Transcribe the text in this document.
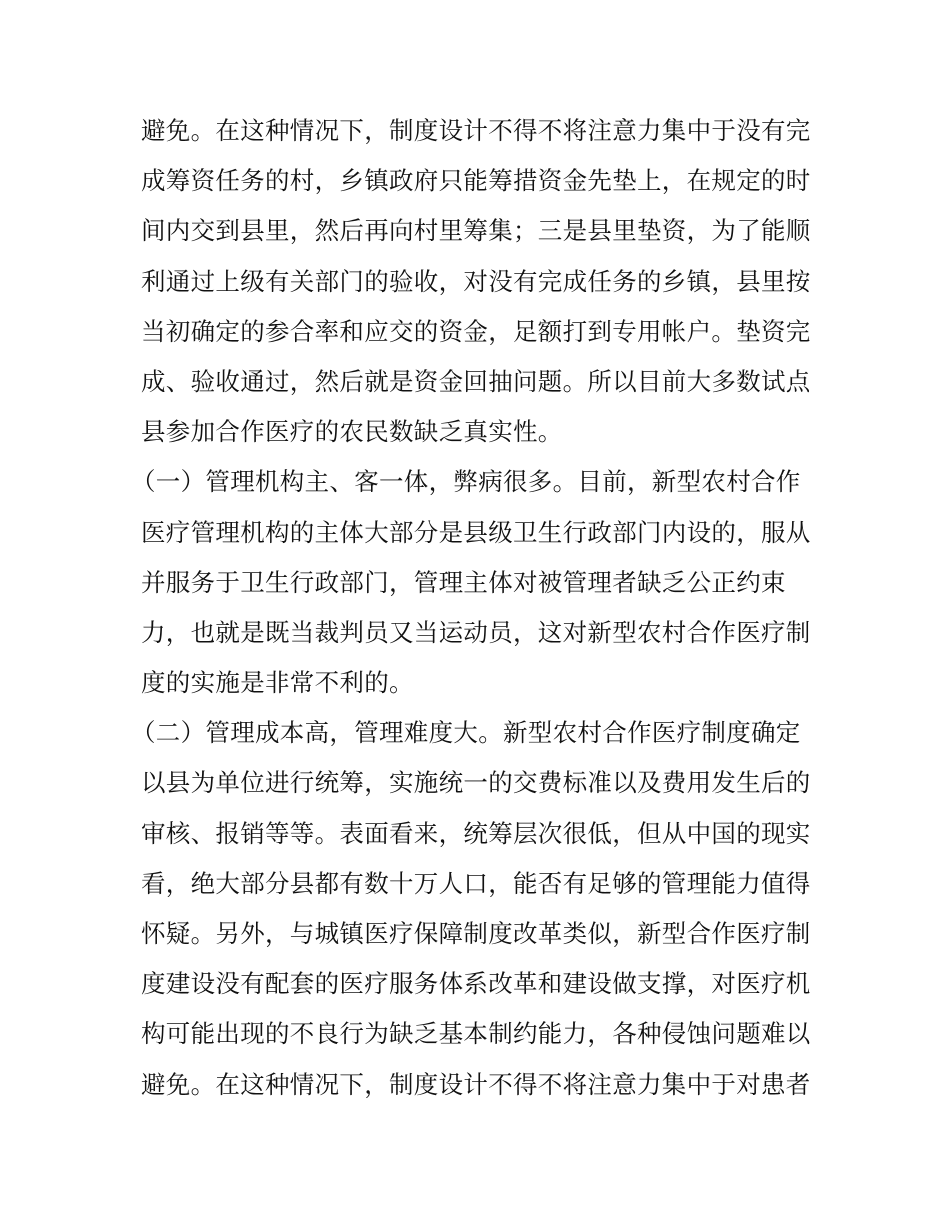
避免。在这种情况下，制度设计不得不将注意力集中于没有完
成筹资任务的村，乡镇政府只能筹措资金先垫上，在规定的时
间内交到县里，然后再向村里筹集；三是县里垫资，为了能顺
利通过上级有关部门的验收，对没有完成任务的乡镇，县里按
当初确定的参合率和应交的资金，足额打到专用帐户。垫资完
成、验收通过，然后就是资金回抽问题。所以目前大多数试点
县参加合作医疗的农民数缺乏真实性。
（一）管理机构主、客一体，弊病很多。目前，新型农村合作
医疗管理机构的主体大部分是县级卫生行政部门内设的，服从
并服务于卫生行政部门，管理主体对被管理者缺乏公正约束
力，也就是既当裁判员又当运动员，这对新型农村合作医疗制
度的实施是非常不利的。
（二）管理成本高，管理难度大。新型农村合作医疗制度确定
以县为单位进行统筹，实施统一的交费标准以及费用发生后的
审核、报销等等。表面看来，统筹层次很低，但从中国的现实
看，绝大部分县都有数十万人口，能否有足够的管理能力值得
怀疑。另外，与城镇医疗保障制度改革类似，新型合作医疗制
度建设没有配套的医疗服务体系改革和建设做支撑，对医疗机
构可能出现的不良行为缺乏基本制约能力，各种侵蚀问题难以
避免。在这种情况下，制度设计不得不将注意力集中于对患者
